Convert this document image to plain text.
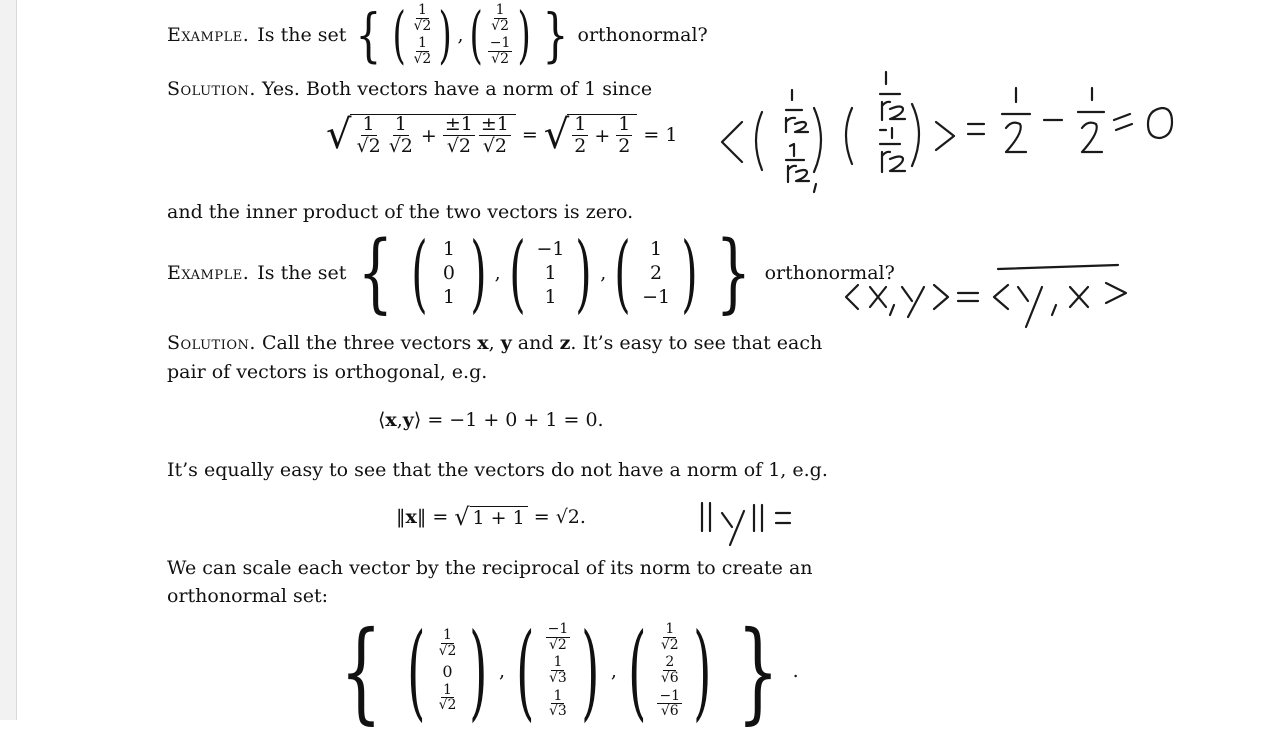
Example. Is the set { ( $\frac{1}{√2}$
$\frac{1}{√2}$ ) , ( $\frac{1}{√2}$
$\frac{-1}{√2}$ ) } orthonormal?
Solution. Yes. Both vectors have a norm of 1 since
√ $\frac{1}{√2} \frac{1}{√2} + \frac{\pm 1}{√2} \frac{\pm 1}{√2}$ = √ $\frac{1}{2} + \frac{1}{2} = 1$
and the inner product of the two vectors is zero.
Example. Is the set { ( 1
0
1 ) , ( −1
1
1 ) , ( 1
2
−1 ) } orthonormal?
Solution. Call the three vectors x, y and z. It’s easy to see that each
pair of vectors is orthogonal, e.g.
⟨x,y⟩ = −1 + 0 + 1 = 0.
It’s equally easy to see that the vectors do not have a norm of 1, e.g.
‖ x ‖ = √ 1 + 1 = √2.
We can scale each vector by the reciprocal of its norm to create an
orthonormal set:
{ ( $\frac{1}{√2}$
0
$\frac{1}{√2}$ ) , ( $\frac{-1}{√2}$
$\frac{1}{√3}$
$\frac{1}{√3}$ ) , ( $\frac{1}{√2}$
$\frac{2}{√6}$
$\frac{-1}{√6}$ ) } .
